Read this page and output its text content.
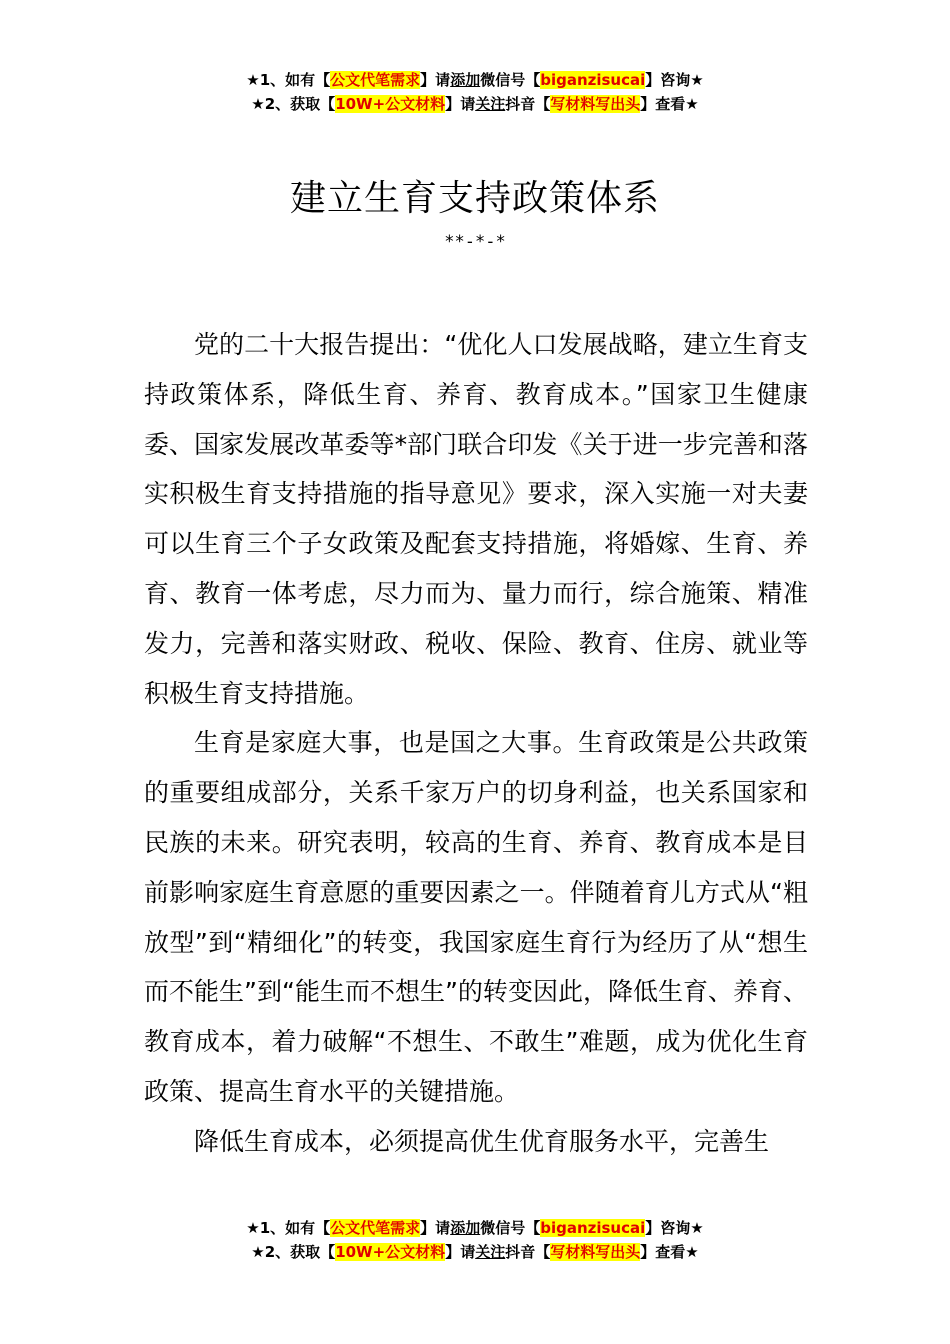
★1、如有【公文代笔需求】请添加微信号【biganzisucai】咨询★
★2、获取【10W+公文材料】请关注抖音【写材料写出头】查看★
建立生育支持政策体系
**-*-*

党的二十大报告提出：“优化人口发展战略，建立生育支持政策体系，降低生育、养育、教育成本。”国家卫生健康委、国家发展改革委等*部门联合印发《关于进一步完善和落实积极生育支持措施的指导意见》要求，深入实施一对夫妻可以生育三个子女政策及配套支持措施，将婚嫁、生育、养育、教育一体考虑，尽力而为、量力而行，综合施策、精准发力，完善和落实财政、税收、保险、教育、住房、就业等积极生育支持措施。

生育是家庭大事，也是国之大事。生育政策是公共政策的重要组成部分，关系千家万户的切身利益，也关系国家和民族的未来。研究表明，较高的生育、养育、教育成本是目前影响家庭生育意愿的重要因素之一。伴随着育儿方式从“粗放型”到“精细化”的转变，我国家庭生育行为经历了从“想生而不能生”到“能生而不想生”的转变因此，降低生育、养育、教育成本，着力破解“不想生、不敢生”难题，成为优化生育政策、提高生育水平的关键措施。

降低生育成本，必须提高优生优育服务水平，完善生

★1、如有【公文代笔需求】请添加微信号【biganzisucai】咨询★
★2、获取【10W+公文材料】请关注抖音【写材料写出头】查看★
